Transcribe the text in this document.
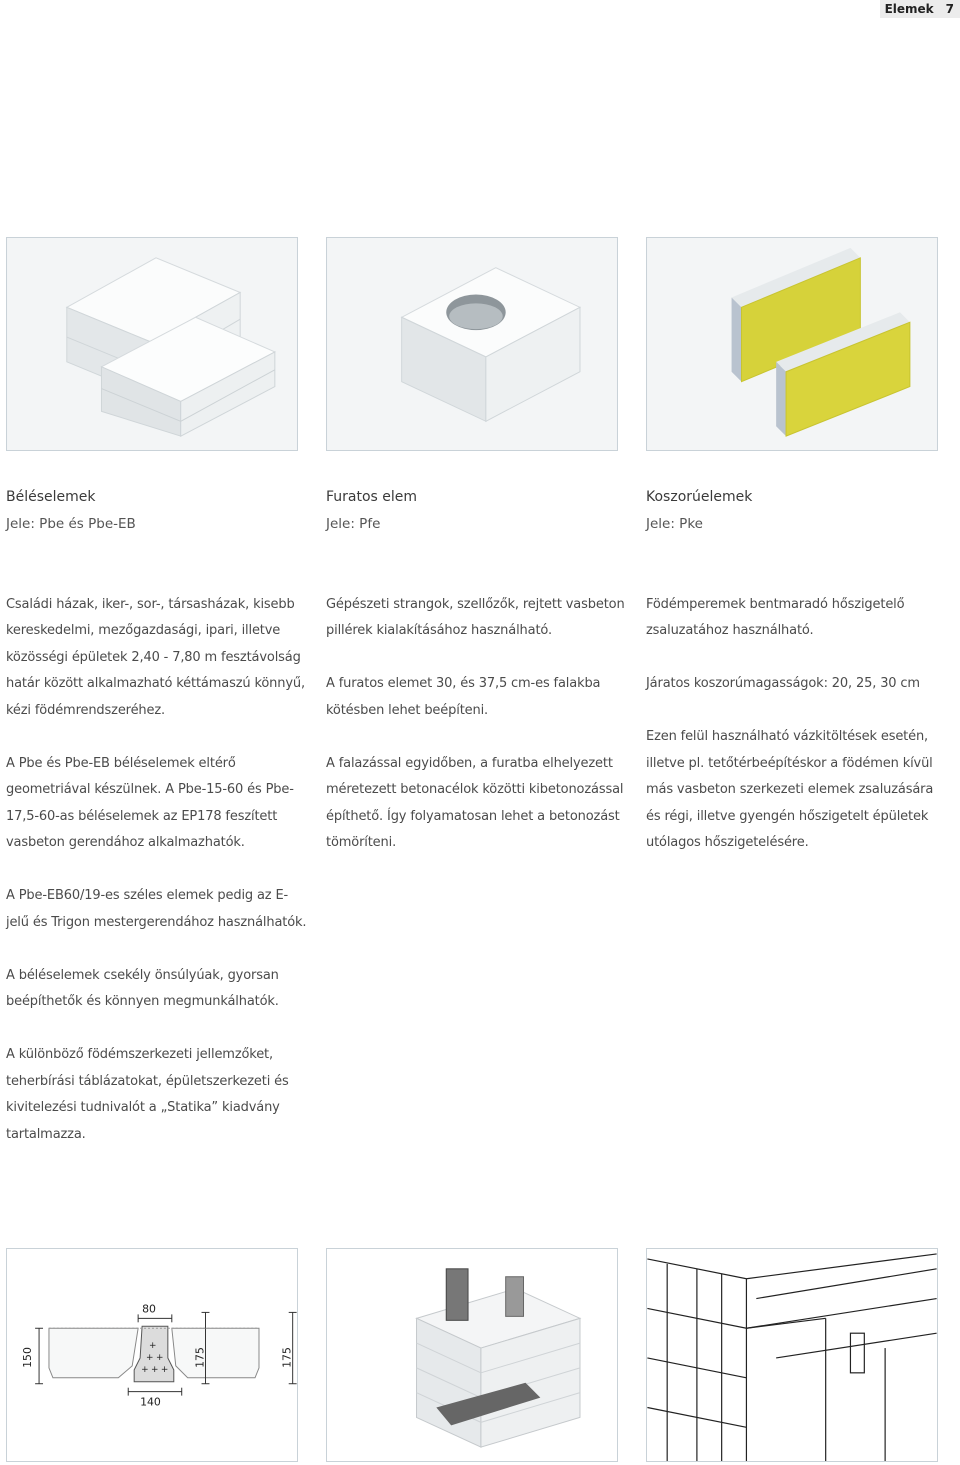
Elemek 7
Béléselemek
Jele: Pbe és Pbe-EB

Családi házak, iker-, sor-, társasházak, kisebb kereskedelmi, mezőgazdasági, ipari, illetve közösségi épületek 2,40 - 7,80 m fesztávolság határ között alkalmazható kéttámaszú könnyű, kézi födémrendszeréhez.

A Pbe és Pbe-EB béléselemek eltérő geometriával készülnek. A Pbe-15-60 és Pbe-17,5-60-as béléselemek az EP178 feszített vasbeton gerendához alkalmazhatók.

A Pbe-EB60/19-es széles elemek pedig az E-jelű és Trigon mestergerendához használhatók.

A béléselemek csekély önsúlyúak, gyorsan beépíthetők és könnyen megmunkálhatók.

A különböző födémszerkezeti jellemzőket, teherbírási táblázatokat, épületszerkezeti és kivitelezési tudnivalót a „Statika” kiadvány tartalmazza.

Furatos elem
Jele: Pfe

Gépészeti strangok, szellőzők, rejtett vasbeton pillérek kialakításához használható.

A furatos elemet 30, és 37,5 cm-es falakba kötésben lehet beépíteni.

A falazással egyidőben, a furatba elhelyezett méretezett betonacélok közötti kibetonozással építhető. Így folyamatosan lehet a betonozást tömöríteni.

Koszorúelemek
Jele: Pke

Födémperemek bentmaradó hőszigetelő zsaluzatához használható.

Járatos koszorúmagasságok: 20, 25, 30 cm

Ezen felül használható vázkitöltések esetén, illetve pl. tetőtérbeépítéskor a födémen kívül más vasbeton szerkezeti elemek zsaluzására és régi, illetve gyengén hőszigetelt épületek utólagos hőszigetelésére.

+ +
+ + +
+
80
140
150	175	175
